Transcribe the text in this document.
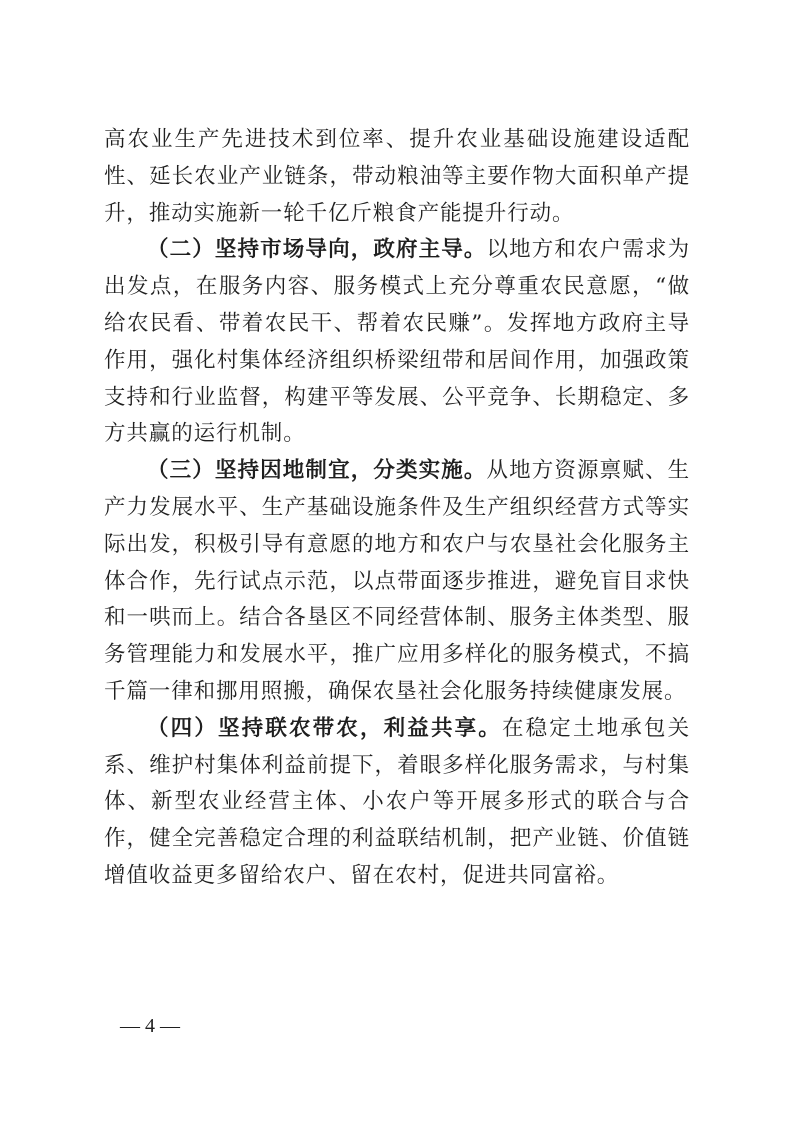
高农业生产先进技术到位率、提升农业基础设施建设适配性、延长农业产业链条，带动粮油等主要作物大面积单产提升，推动实施新一轮千亿斤粮食产能提升行动。

（二）坚持市场导向，政府主导。以地方和农户需求为出发点，在服务内容、服务模式上充分尊重农民意愿，“做给农民看、带着农民干、帮着农民赚”。发挥地方政府主导作用，强化村集体经济组织桥梁纽带和居间作用，加强政策支持和行业监督，构建平等发展、公平竞争、长期稳定、多方共赢的运行机制。

（三）坚持因地制宜，分类实施。从地方资源禀赋、生产力发展水平、生产基础设施条件及生产组织经营方式等实际出发，积极引导有意愿的地方和农户与农垦社会化服务主体合作，先行试点示范，以点带面逐步推进，避免盲目求快和一哄而上。结合各垦区不同经营体制、服务主体类型、服务管理能力和发展水平，推广应用多样化的服务模式，不搞千篇一律和挪用照搬，确保农垦社会化服务持续健康发展。

（四）坚持联农带农，利益共享。在稳定土地承包关系、维护村集体利益前提下，着眼多样化服务需求，与村集体、新型农业经营主体、小农户等开展多形式的联合与合作，健全完善稳定合理的利益联结机制，把产业链、价值链增值收益更多留给农户、留在农村，促进共同富裕。

— 4 —
